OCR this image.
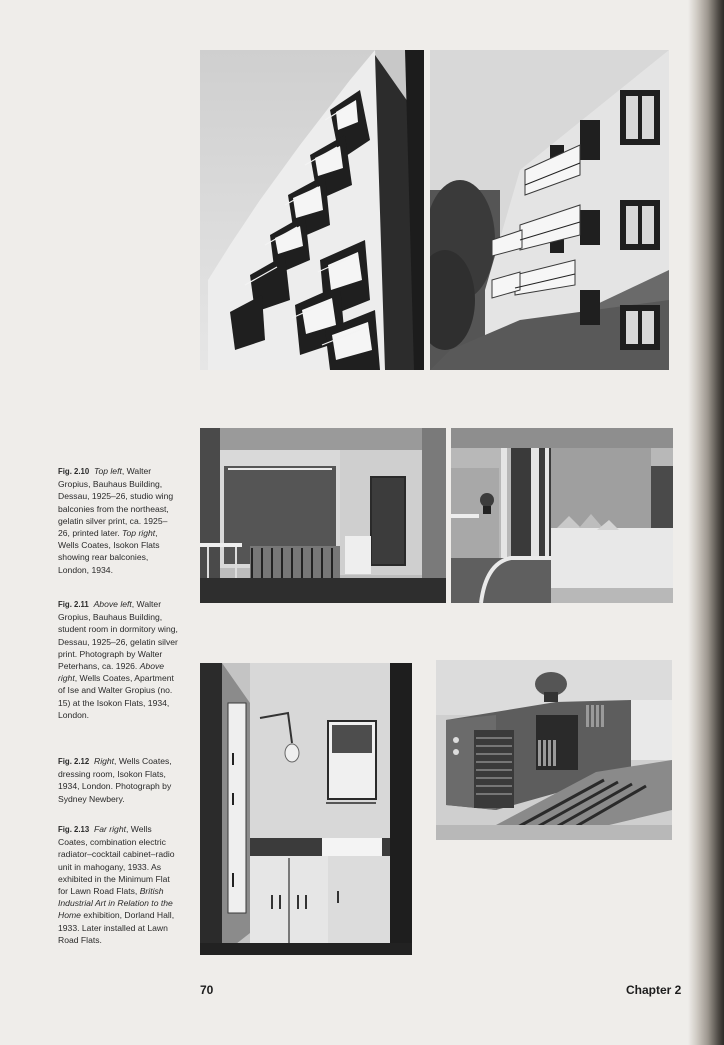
Fig. 2.10 Top left, Walter Gropius, Bauhaus Building, Dessau, 1925–26, studio wing balconies from the northeast, gelatin silver print, ca. 1925–26, printed later. Top right, Wells Coates, Isokon Flats showing rear balconies, London, 1934.
Fig. 2.11 Above left, Walter Gropius, Bauhaus Building, student room in dormitory wing, Dessau, 1925–26, gelatin silver print. Photograph by Walter Peterhans, ca. 1926. Above right, Wells Coates, Apartment of Ise and Walter Gropius (no. 15) at the Isokon Flats, 1934, London.
Fig. 2.12 Right, Wells Coates, dressing room, Isokon Flats, 1934, London. Photograph by Sydney Newbery.
Fig. 2.13 Far right, Wells Coates, combination electric radiator–cocktail cabinet–radio unit in mahogany, 1933. As exhibited in the Minimum Flat for Lawn Road Flats, British Industrial Art in Relation to the Home exhibition, Dorland Hall, 1933. Later installed at Lawn Road Flats.
70	Chapter 2
